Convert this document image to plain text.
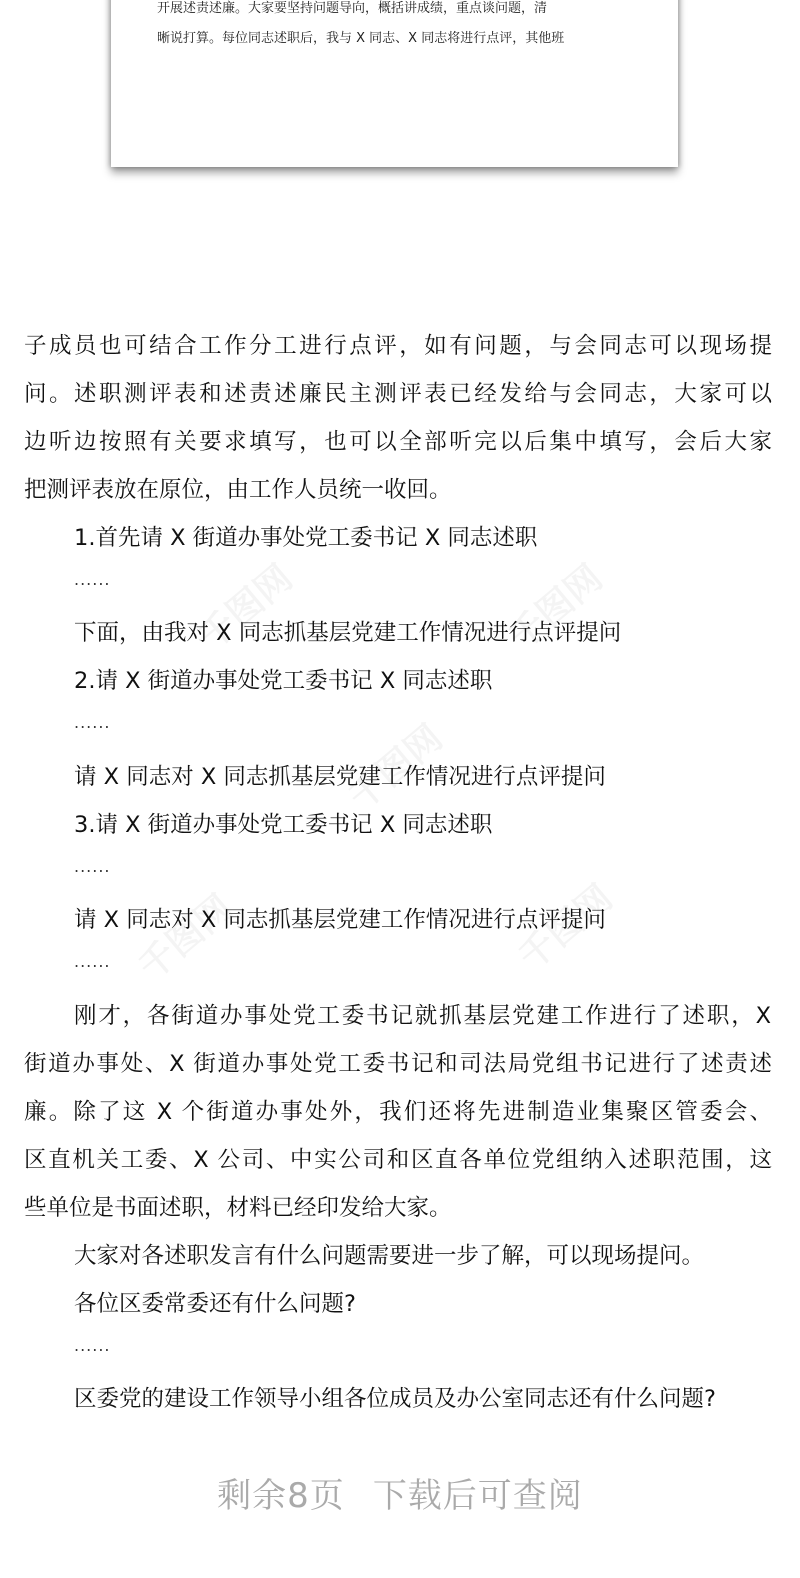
开展述责述廉。大家要坚持问题导向，概括讲成绩，重点谈问题，清
晰说打算。每位同志述职后，我与 X 同志、X 同志将进行点评，其他班
子成员也可结合工作分工进行点评，如有问题，与会同志可以现场提
问。述职测评表和述责述廉民主测评表已经发给与会同志，大家可以
边听边按照有关要求填写，也可以全部听完以后集中填写，会后大家
把测评表放在原位，由工作人员统一收回。
1.首先请 X 街道办事处党工委书记 X 同志述职
......
下面，由我对 X 同志抓基层党建工作情况进行点评提问
2.请 X 街道办事处党工委书记 X 同志述职
......
请 X 同志对 X 同志抓基层党建工作情况进行点评提问
3.请 X 街道办事处党工委书记 X 同志述职
......
请 X 同志对 X 同志抓基层党建工作情况进行点评提问
......
刚才，各街道办事处党工委书记就抓基层党建工作进行了述职，X
街道办事处、X 街道办事处党工委书记和司法局党组书记进行了述责述
廉。除了这 X 个街道办事处外，我们还将先进制造业集聚区管委会、
区直机关工委、X 公司、中实公司和区直各单位党组纳入述职范围，这
些单位是书面述职，材料已经印发给大家。
大家对各述职发言有什么问题需要进一步了解，可以现场提问。
各位区委常委还有什么问题?
......
区委党的建设工作领导小组各位成员及办公室同志还有什么问题?
剩余8页 下载后可查阅
